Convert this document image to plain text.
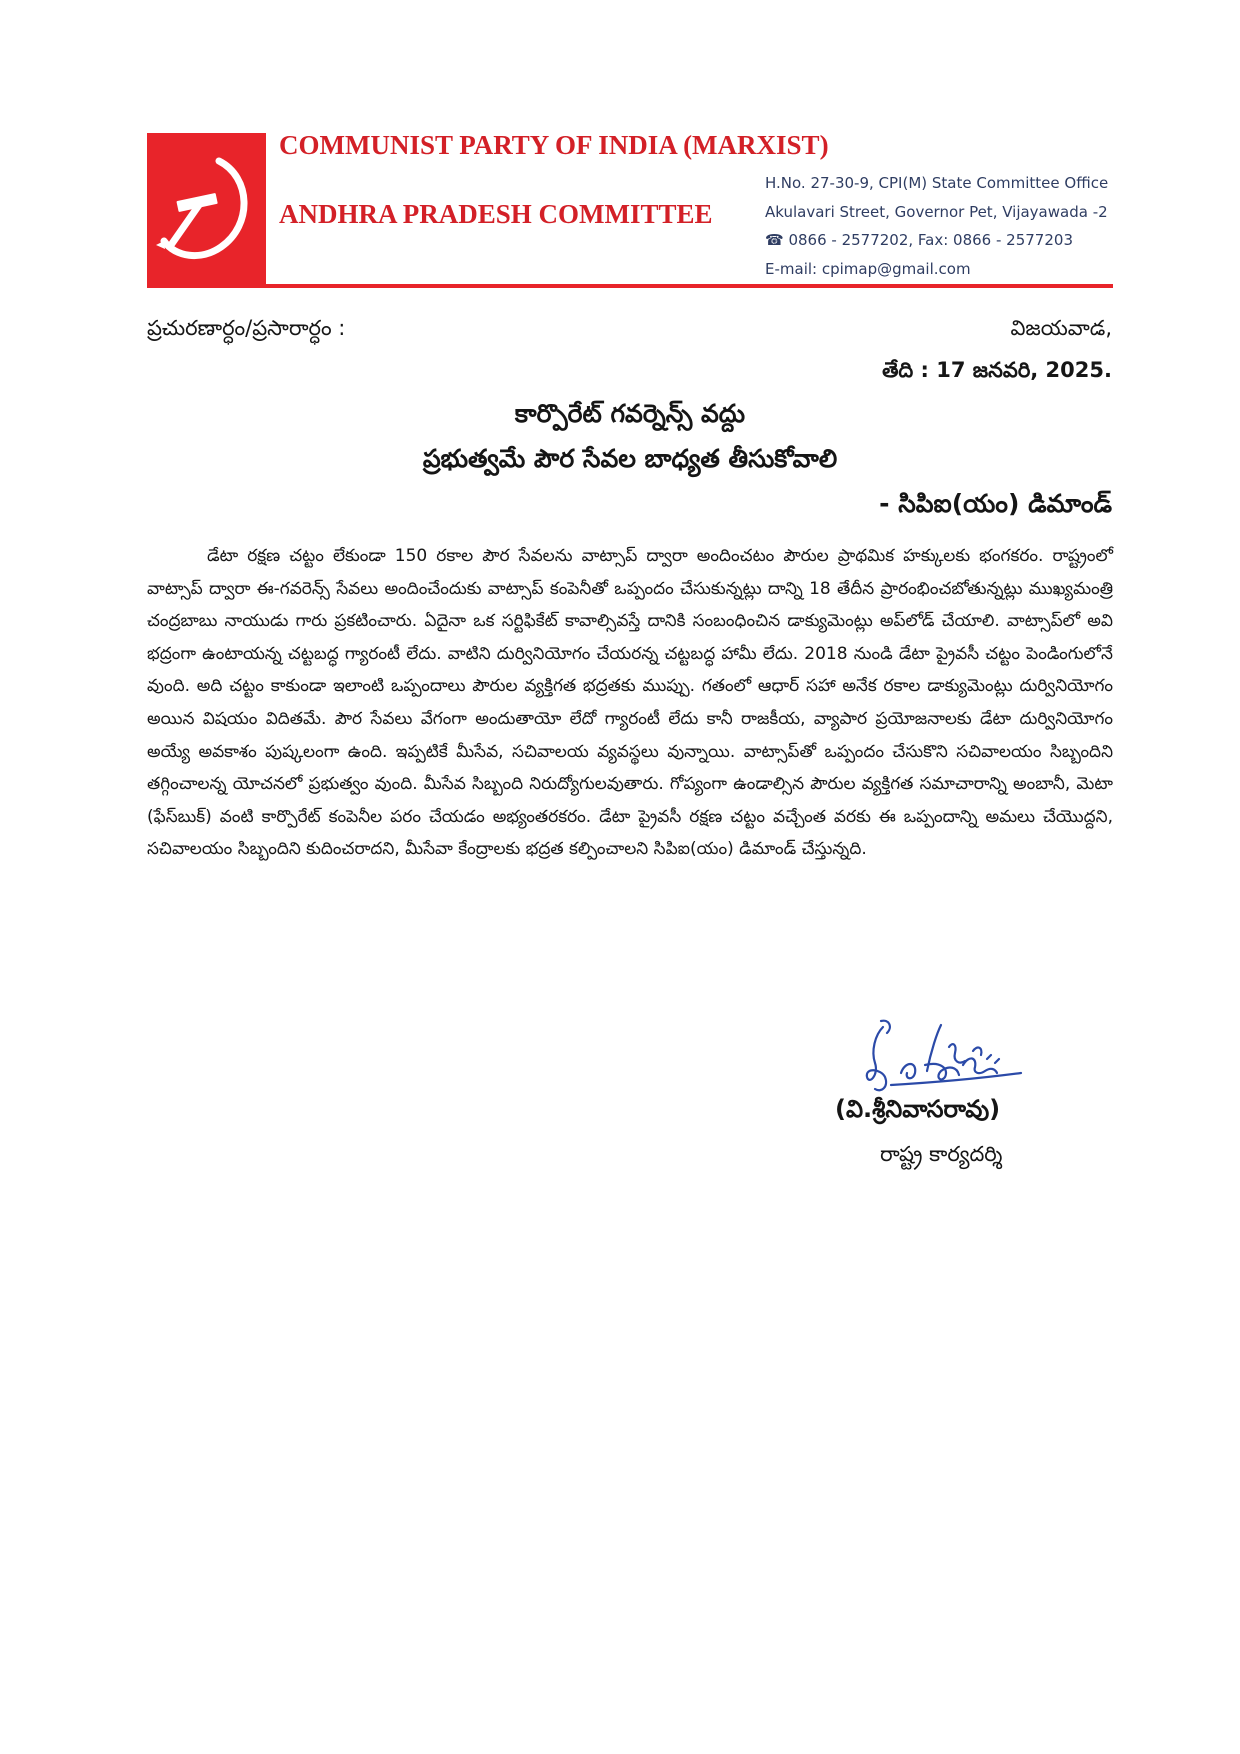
COMMUNIST PARTY OF INDIA (MARXIST)
ANDHRA PRADESH COMMITTEE
H.No. 27-30-9, CPI(M) State Committee Office
Akulavari Street, Governor Pet, Vijayawada -2
☎ 0866 - 2577202, Fax: 0866 - 2577203
E-mail: cpimap@gmail.com
ప్రచురణార్ధం/ప్రసారార్ధం :	విజయవాడ,
తేది : 17 జనవరి, 2025.
కార్పొరేట్ గవర్నెన్స్ వద్దు
ప్రభుత్వమే పౌర సేవల బాధ్యత తీసుకోవాలి
- సిపిఐ(యం) డిమాండ్

డేటా రక్షణ చట్టం లేకుండా 150 రకాల పౌర సేవలను వాట్సాప్ ద్వారా అందించటం పౌరుల ప్రాథమిక హక్కులకు భంగకరం. రాష్ట్రంలో వాట్సాప్ ద్వారా ఈ-గవరెన్స్ సేవలు అందించేందుకు వాట్సాప్ కంపెనీతో ఒప్పందం చేసుకున్నట్లు దాన్ని 18 తేదీన ప్రారంభించబోతున్నట్లు ముఖ్యమంత్రి చంద్రబాబు నాయుడు గారు ప్రకటించారు. ఏదైనా ఒక సర్టిఫికేట్ కావాల్సివస్తే దానికి సంబంధించిన డాక్యుమెంట్లు అప్‌లోడ్ చేయాలి. వాట్సాప్‌లో అవి భద్రంగా ఉంటాయన్న చట్టబద్ధ గ్యారంటీ లేదు. వాటిని దుర్వినియోగం చేయరన్న చట్టబద్ధ హామీ లేదు. 2018 నుండి డేటా ప్రైవసీ చట్టం పెండింగులోనే వుంది. అది చట్టం కాకుండా ఇలాంటి ఒప్పందాలు పౌరుల వ్యక్తిగత భద్రతకు ముప్పు. గతంలో ఆధార్ సహా అనేక రకాల డాక్యుమెంట్లు దుర్వినియోగం అయిన విషయం విదితమే. పౌర సేవలు వేగంగా అందుతాయో లేదో గ్యారంటీ లేదు కానీ రాజకీయ, వ్యాపార ప్రయోజనాలకు డేటా దుర్వినియోగం అయ్యే అవకాశం పుష్కలంగా ఉంది. ఇప్పటికే మీసేవ, సచివాలయ వ్యవస్థలు వున్నాయి. వాట్సాప్‌తో ఒప్పందం చేసుకొని సచివాలయం సిబ్బందిని తగ్గించాలన్న యోచనలో ప్రభుత్వం వుంది. మీసేవ సిబ్బంది నిరుద్యోగులవుతారు. గోప్యంగా ఉండాల్సిన పౌరుల వ్యక్తిగత సమాచారాన్ని అంబానీ, మెటా (ఫేస్‌బుక్) వంటి కార్పొరేట్ కంపెనీల పరం చేయడం అభ్యంతరకరం. డేటా ప్రైవసీ రక్షణ చట్టం వచ్చేంత వరకు ఈ ఒప్పందాన్ని అమలు చేయొద్దని, సచివాలయం సిబ్బందిని కుదించరాదని, మీసేవా కేంద్రాలకు భద్రత కల్పించాలని సిపిఐ(యం) డిమాండ్ చేస్తున్నది.

(వి.శ్రీనివాసరావు)
రాష్ట్ర కార్యదర్శి
